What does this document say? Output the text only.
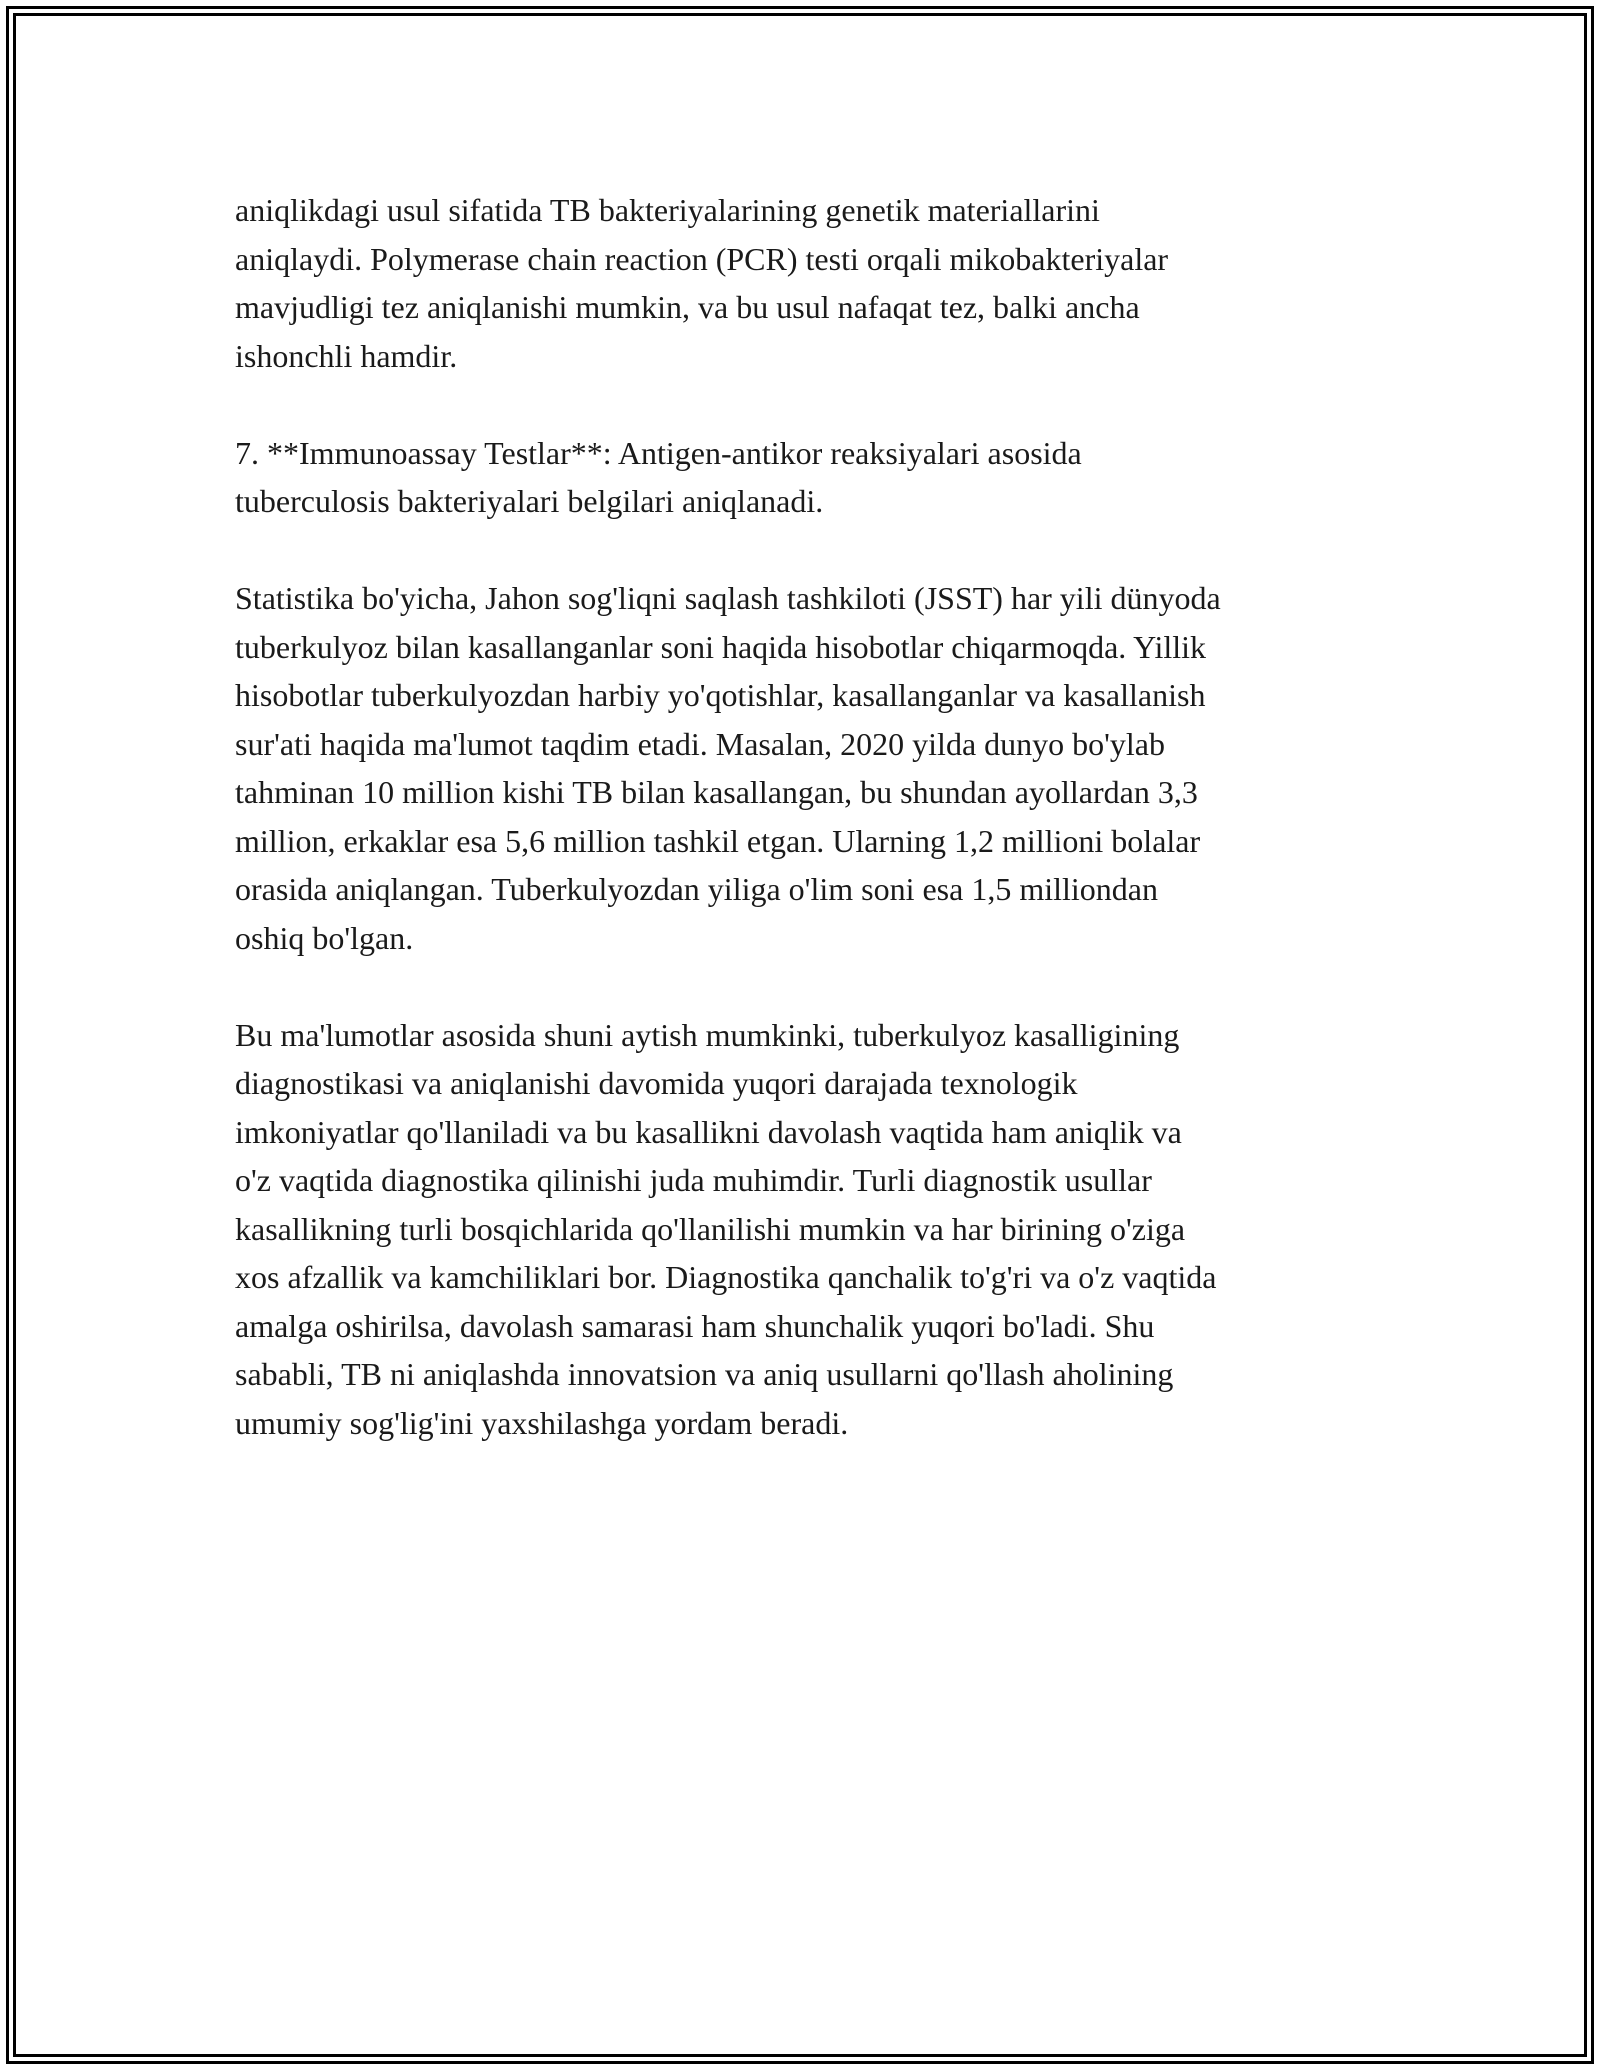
aniqlikdagi usul sifatida TB bakteriyalarining genetik materiallarini
aniqlaydi. Polymerase chain reaction (PCR) testi orqali mikobakteriyalar
mavjudligi tez aniqlanishi mumkin, va bu usul nafaqat tez, balki ancha
ishonchli hamdir.

7. **Immunoassay Testlar**: Antigen-antikor reaksiyalari asosida
tuberculosis bakteriyalari belgilari aniqlanadi.

Statistika bo'yicha, Jahon sog'liqni saqlash tashkiloti (JSST) har yili dünyoda
tuberkulyoz bilan kasallanganlar soni haqida hisobotlar chiqarmoqda. Yillik
hisobotlar tuberkulyozdan harbiy yo'qotishlar, kasallanganlar va kasallanish
sur'ati haqida ma'lumot taqdim etadi. Masalan, 2020 yilda dunyo bo'ylab
tahminan 10 million kishi TB bilan kasallangan, bu shundan ayollardan 3,3
million, erkaklar esa 5,6 million tashkil etgan. Ularning 1,2 millioni bolalar
orasida aniqlangan. Tuberkulyozdan yiliga o'lim soni esa 1,5 milliondan
oshiq bo'lgan.

Bu ma'lumotlar asosida shuni aytish mumkinki, tuberkulyoz kasalligining
diagnostikasi va aniqlanishi davomida yuqori darajada texnologik
imkoniyatlar qo'llaniladi va bu kasallikni davolash vaqtida ham aniqlik va
o'z vaqtida diagnostika qilinishi juda muhimdir. Turli diagnostik usullar
kasallikning turli bosqichlarida qo'llanilishi mumkin va har birining o'ziga
xos afzallik va kamchiliklari bor. Diagnostika qanchalik to'g'ri va o'z vaqtida
amalga oshirilsa, davolash samarasi ham shunchalik yuqori bo'ladi. Shu
sababli, TB ni aniqlashda innovatsion va aniq usullarni qo'llash aholining
umumiy sog'lig'ini yaxshilashga yordam beradi.
